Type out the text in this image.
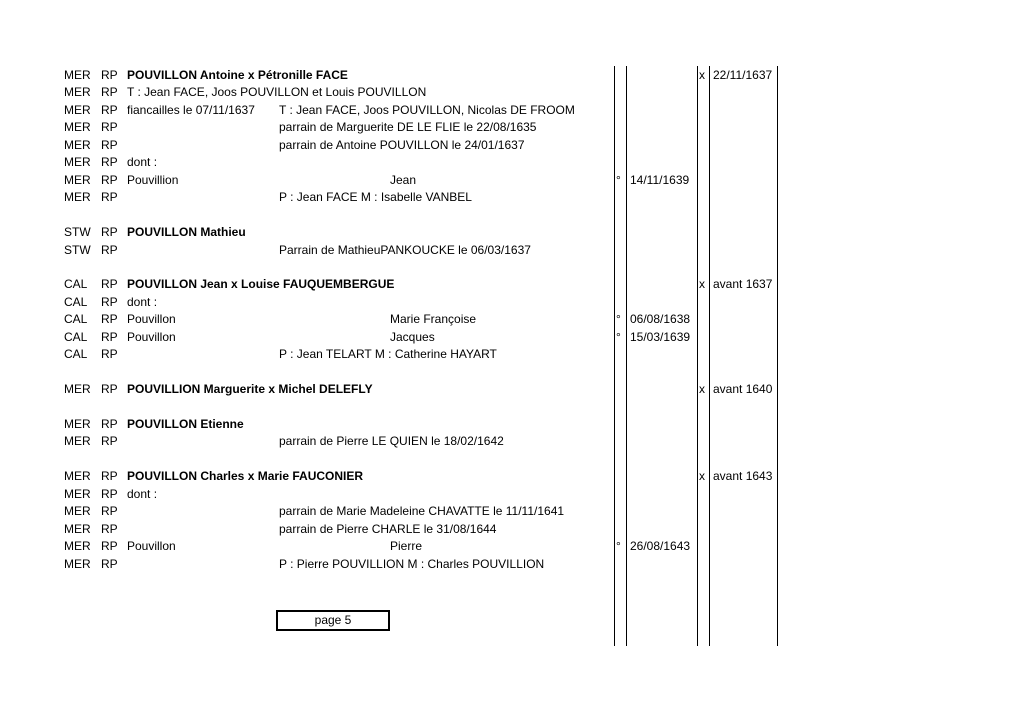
MER RP POUVILLON Antoine x Pétronille FACE	x 22/11/1637
MER RP T : Jean FACE, Joos POUVILLON et Louis POUVILLON
MER RP fiancailles le 07/11/1637 T : Jean FACE, Joos POUVILLON, Nicolas DE FROOM
MER RP	parrain de Marguerite DE LE FLIE le 22/08/1635
MER RP	parrain de Antoine POUVILLON le 24/01/1637
MER RP dont :
MER RP Pouvillion	Jean	° 14/11/1639
MER RP	P : Jean FACE M : Isabelle VANBEL
STW RP POUVILLON Mathieu
STW RP	Parrain de MathieuPANKOUCKE le 06/03/1637
CAL RP POUVILLON Jean x Louise FAUQUEMBERGUE	x avant 1637
CAL RP dont :
CAL RP Pouvillon	Marie Françoise	° 06/08/1638
CAL RP Pouvillon	Jacques	° 15/03/1639
CAL RP	P : Jean TELART M : Catherine HAYART
MER RP POUVILLION Marguerite x Michel DELEFLY	x avant 1640
MER RP POUVILLON Etienne
MER RP	parrain de Pierre LE QUIEN le 18/02/1642
MER RP POUVILLON Charles x Marie FAUCONIER	x avant 1643
MER RP dont :
MER RP	parrain de Marie Madeleine CHAVATTE le 11/11/1641
MER RP	parrain de Pierre CHARLE le 31/08/1644
MER RP Pouvillon	Pierre	° 26/08/1643
MER RP	P : Pierre POUVILLION M : Charles POUVILLION
page 5
